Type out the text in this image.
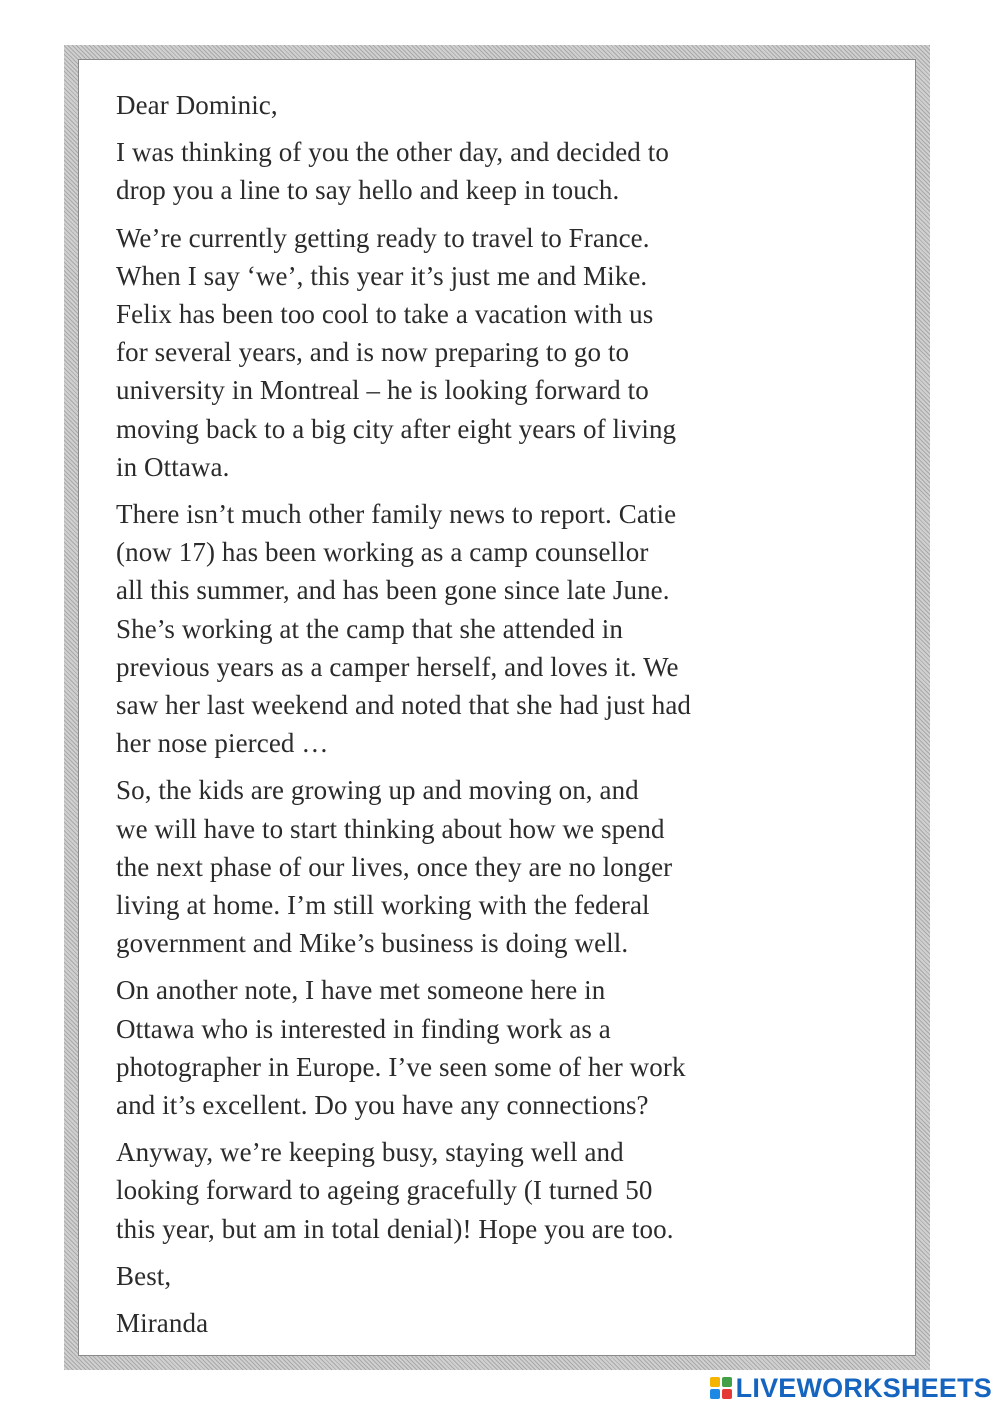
Dear Dominic,
I was thinking of you the other day, and decided to
drop you a line to say hello and keep in touch.
We’re currently getting ready to travel to France.
When I say ‘we’, this year it’s just me and Mike.
Felix has been too cool to take a vacation with us
for several years, and is now preparing to go to
university in Montreal – he is looking forward to
moving back to a big city after eight years of living
in Ottawa.
There isn’t much other family news to report. Catie
(now 17) has been working as a camp counsellor
all this summer, and has been gone since late June.
She’s working at the camp that she attended in
previous years as a camper herself, and loves it. We
saw her last weekend and noted that she had just had
her nose pierced …
So, the kids are growing up and moving on, and
we will have to start thinking about how we spend
the next phase of our lives, once they are no longer
living at home. I’m still working with the federal
government and Mike’s business is doing well.
On another note, I have met someone here in
Ottawa who is interested in finding work as a
photographer in Europe. I’ve seen some of her work
and it’s excellent. Do you have any connections?
Anyway, we’re keeping busy, staying well and
looking forward to ageing gracefully (I turned 50
this year, but am in total denial)! Hope you are too.
Best,
Miranda
LIVEWORKSHEETS
